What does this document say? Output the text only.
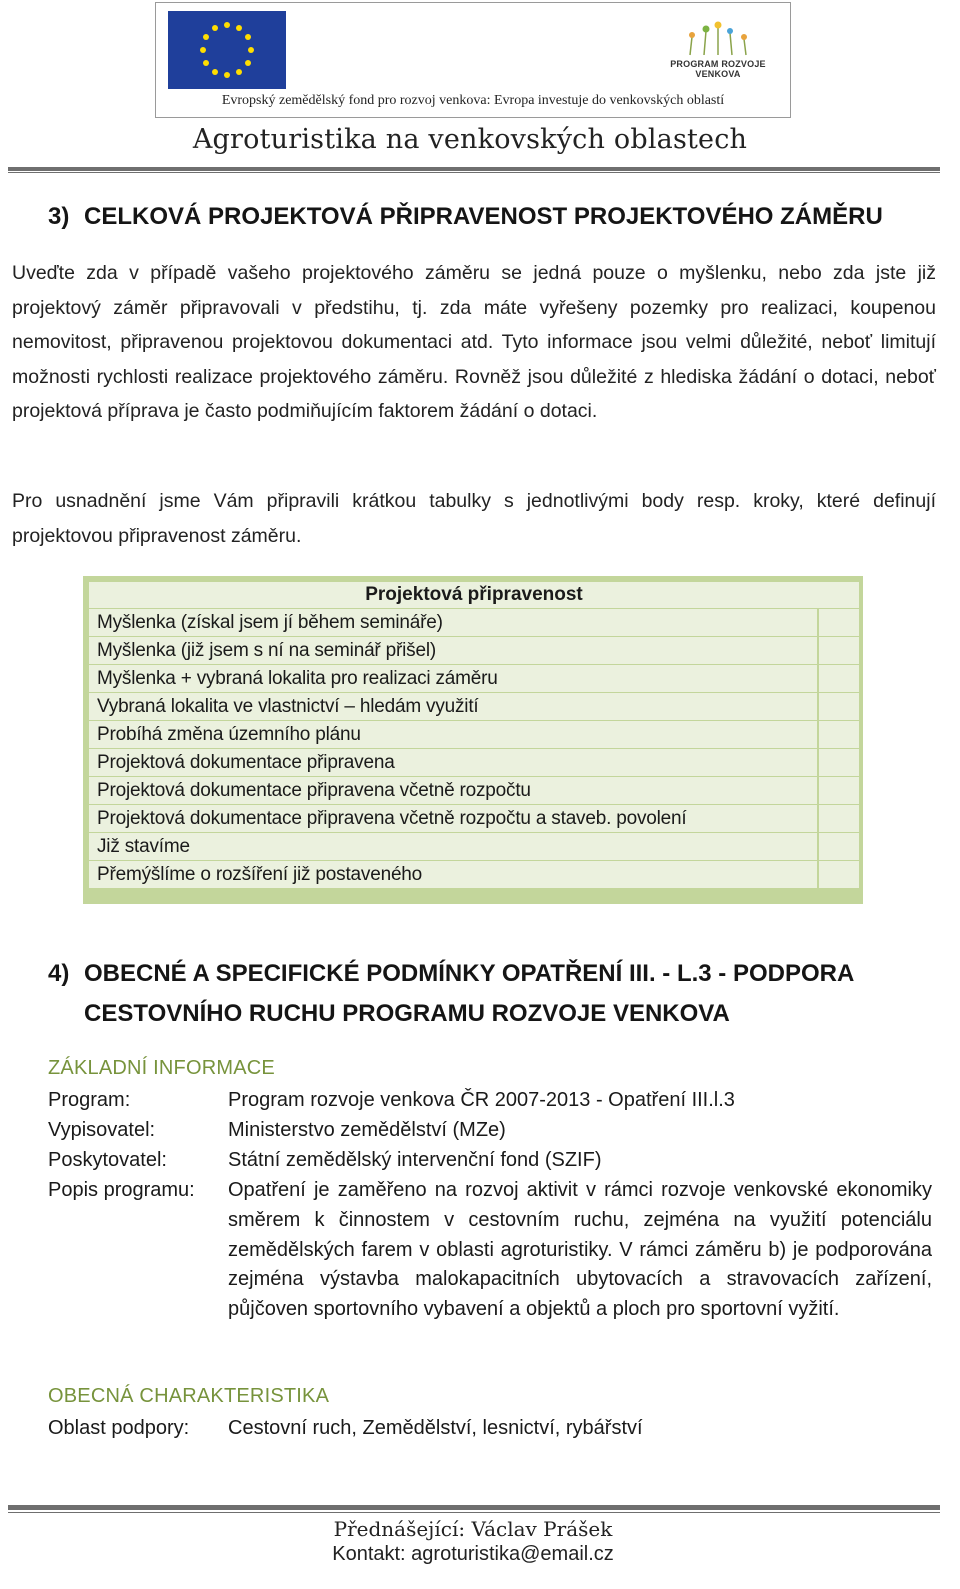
PROGRAM ROZVOJE VENKOVA
Evropský zemědělský fond pro rozvoj venkova: Evropa investuje do venkovských oblastí
Agroturistika na venkovských oblastech
3) CELKOVÁ PROJEKTOVÁ PŘIPRAVENOST PROJEKTOVÉHO ZÁMĚRU
Uveďte zda v případě vašeho projektového záměru se jedná pouze o myšlenku, nebo zda jste již projektový záměr připravovali v předstihu, tj. zda máte vyřešeny pozemky pro realizaci, koupenou nemovitost, připravenou projektovou dokumentaci atd. Tyto informace jsou velmi důležité, neboť limitují možnosti rychlosti realizace projektového záměru. Rovněž jsou důležité z hlediska žádání o dotaci, neboť projektová příprava je často podmiňujícím faktorem žádání o dotaci.
Pro usnadnění jsme Vám připravili krátkou tabulky s jednotlivými body resp. kroky, které definují projektovou připravenost záměru.
Projektová připravenost	
Myšlenka (získal jsem jí během semináře)	
Myšlenka (již jsem s ní na seminář přišel)	
Myšlenka + vybraná lokalita pro realizaci záměru	
Vybraná lokalita ve vlastnictví – hledám využití	
Probíhá změna územního plánu	
Projektová dokumentace připravena	
Projektová dokumentace připravena včetně rozpočtu	
Projektová dokumentace připravena včetně rozpočtu a staveb. povolení	
Již stavíme	
Přemýšlíme o rozšíření již postaveného	
4) OBECNÉ A SPECIFICKÉ PODMÍNKY OPATŘENÍ III. - L.3 - PODPORA
CESTOVNÍHO RUCHU PROGRAMU ROZVOJE VENKOVA
ZÁKLADNÍ INFORMACE
Program:	Program rozvoje venkova ČR 2007-2013 - Opatření III.l.3
Vypisovatel:	Ministerstvo zemědělství (MZe)
Poskytovatel:	Státní zemědělský intervenční fond (SZIF)
Popis programu:	Opatření je zaměřeno na rozvoj aktivit v rámci rozvoje venkovské ekonomiky směrem k činnostem v cestovním ruchu, zejména na využití potenciálu zemědělských farem v oblasti agroturistiky. V rámci záměru b) je podporována zejména výstavba malokapacitních ubytovacích a stravovacích zařízení, půjčoven sportovního vybavení a objektů a ploch pro sportovní vyžití.
OBECNÁ CHARAKTERISTIKA
Oblast podpory:	Cestovní ruch, Zemědělství, lesnictví, rybářství
Přednášející: Václav Prášek
Kontakt: agroturistika@email.cz
